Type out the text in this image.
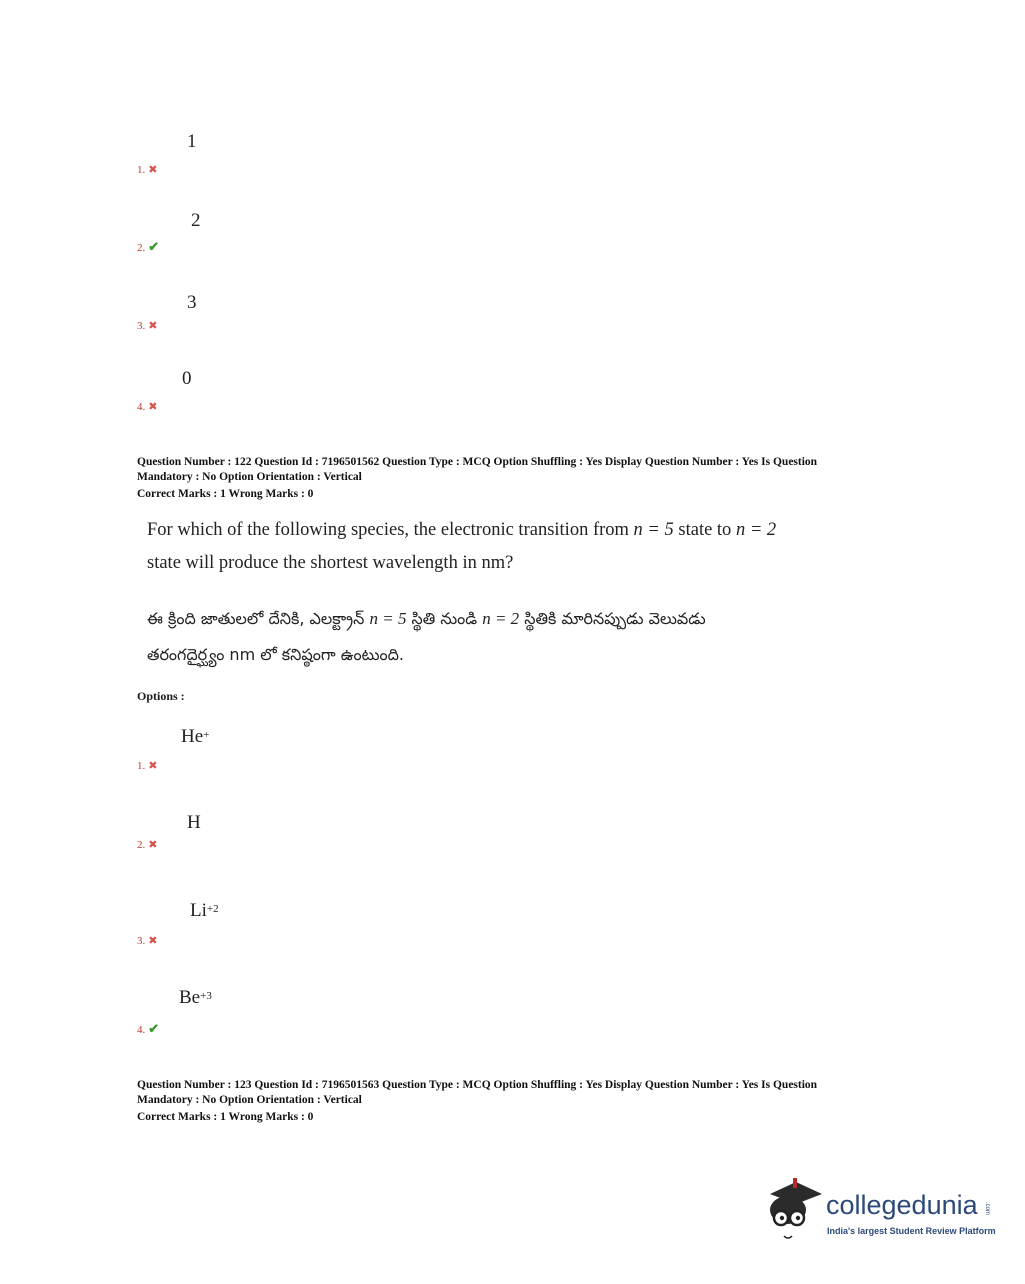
1
1. ✖
2
2. ✔
3
3. ✖
0
4. ✖
Question Number : 122 Question Id : 7196501562 Question Type : MCQ Option Shuffling : Yes Display Question Number : Yes Is Question
Mandatory : No Option Orientation : Vertical
Correct Marks : 1 Wrong Marks : 0
For which of the following species, the electronic transition from n = 5 state to n = 2
state will produce the shortest wavelength in nm?
ఈ క్రింది జాతులలో దేనికి, ఎలక్ట్రాన్ n = 5 స్థితి నుండి n = 2 స్థితికి మారినప్పుడు వెలువడు
తరంగదైర్ఘ్యం nm లో కనిష్ఠంగా ఉంటుంది.
Options :
He+
1. ✖
H
2. ✖
$Li^{+2}$
3. ✖
$Be^{+3}$
4. ✔
Question Number : 123 Question Id : 7196501563 Question Type : MCQ Option Shuffling : Yes Display Question Number : Yes Is Question
Mandatory : No Option Orientation : Vertical
Correct Marks : 1 Wrong Marks : 0
collegedunia .com
India's largest Student Review Platform
